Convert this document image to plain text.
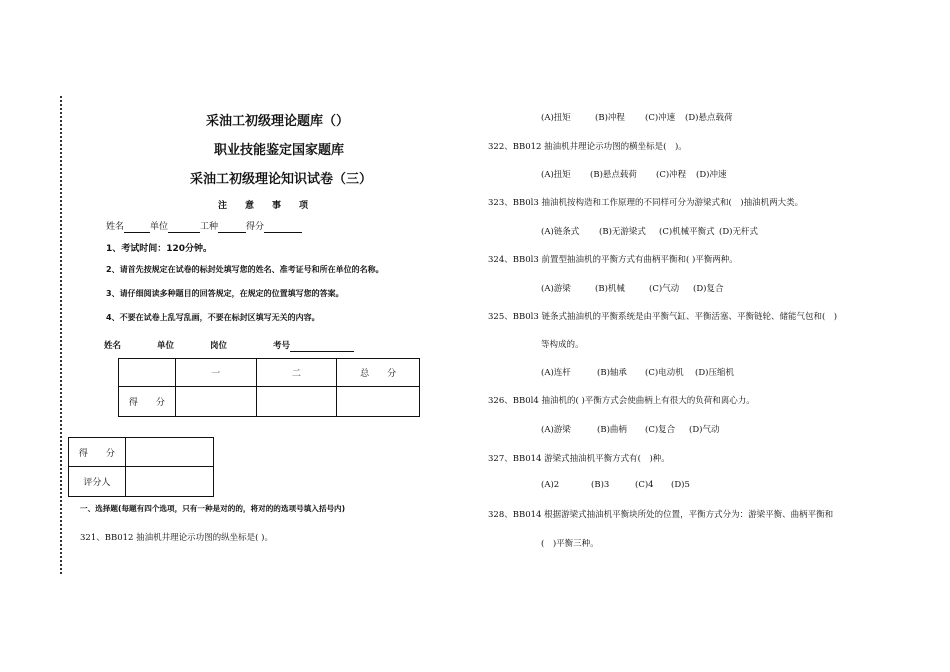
采油工初级理论题库（）
职业技能鉴定国家题库
采油工初级理论知识试卷（三）
注　　意　　事　　项
姓名	单位	工种	得分
1、考试时间：120分钟。
2、请首先按规定在试卷的标封处填写您的姓名、准考证号和所在单位的名称。
3、请仔细阅读多种题目的回答规定，在规定的位置填写您的答案。
4、不要在试卷上乱写乱画，不要在标封区填写无关的内容。
姓名	单位	岗位	考号
	一	二	总　　分
得　　分			
得　　分	
评分人	
一、选择题(每题有四个选项，只有一种是对的的，将对的的选项号填入括号内)
321、BB012 抽油机井理论示功图的纵坐标是( )。
(A)扭矩	(B)冲程 (C)冲速 (D)悬点载荷
322、BB012 抽油机井理论示功图的横坐标是(　)。
(A)扭矩 (B)悬点载荷 (C)冲程 (D)冲速
323、BB0l3 抽油机按构造和工作原理的不同样可分为游梁式和(　)抽油机两大类。
(A)链条式 (B)无游梁式 (C)机械平衡式 (D)无杆式
324、BB0l3 前置型抽油机的平衡方式有曲柄平衡和( )平衡两种。
(A)游梁	(B)机械	(C)气动 (D)复合
325、BB0l3 链条式抽油机的平衡系统是由平衡气缸、平衡活塞、平衡链轮、储能气包和(　)
等构成的。
(A)连杆	(B)轴承 (C)电动机 (D)压缩机
326、BB0l4 抽油机的( )平衡方式会使曲柄上有很大的负荷和离心力。
(A)游梁	(B)曲柄 (C)复合 (D)气动
327、BB014 游梁式抽油机平衡方式有(　)种。
(A)2	(B)3	(C)4 (D)5
328、BB014 根据游梁式抽油机平衡块所处的位置，平衡方式分为：游梁平衡、曲柄平衡和
(　)平衡三种。
